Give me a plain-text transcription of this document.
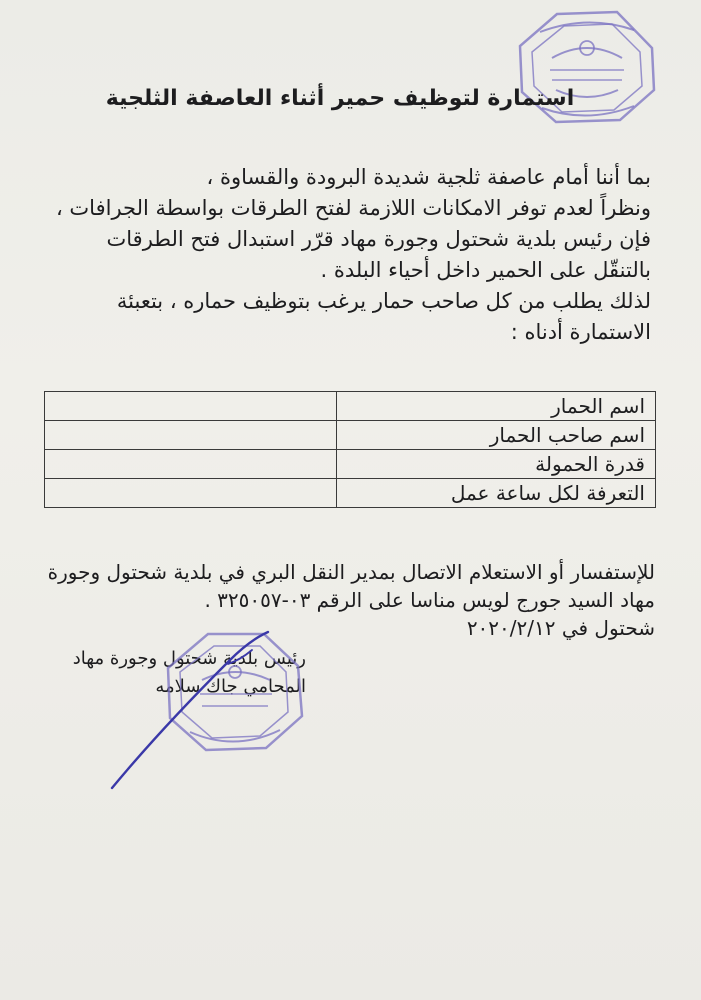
استمارة لتوظيف حمير أثناء العاصفة الثلجية

بما أننا أمام عاصفة ثلجية شديدة البرودة والقساوة ،

ونظراً لعدم توفر الامكانات اللازمة لفتح الطرقات بواسطة الجرافات ،

فإن رئيس بلدية شحتول وجورة مهاد قرّر استبدال فتح الطرقات بالتنقّل على الحمير داخل أحياء البلدة .

لذلك يطلب من كل صاحب حمار يرغب بتوظيف حماره ، بتعبئة الاستمارة أدناه :

اسم الحمار	
اسم صاحب الحمار	
قدرة الحمولة	
التعرفة لكل ساعة عمل	

للإستفسار أو الاستعلام الاتصال بمدير النقل البري في بلدية شحتول وجورة مهاد السيد جورج لويس مناسا على الرقم ٠٣-٣٢٥٠٥٧ .

شحتول في ٢٠٢٠/٢/١٢

رئيس بلدية شحتول وجورة مهاد

المحامي جاك سلامه
